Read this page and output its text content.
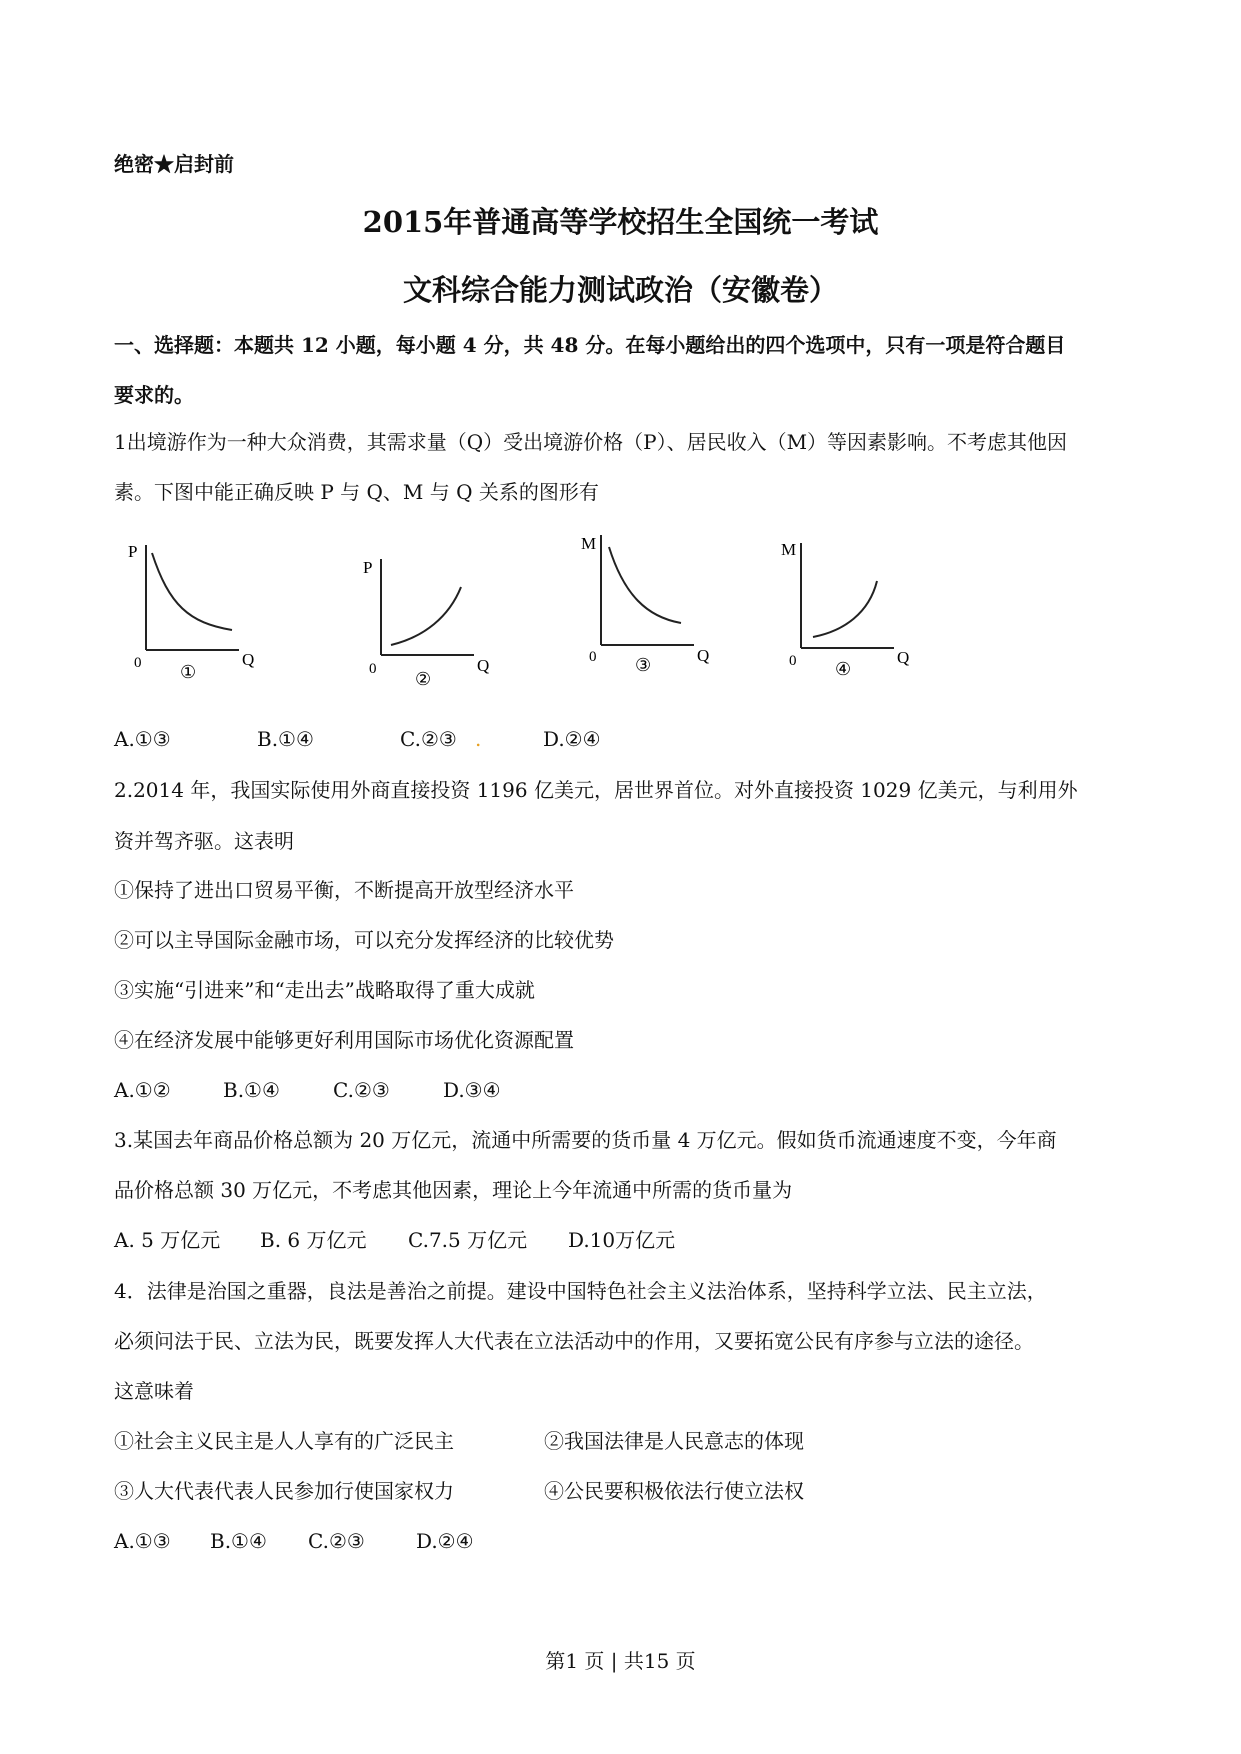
绝密★启封前
2015年普通高等学校招生全国统一考试
文科综合能力测试政治（安徽卷）
一、选择题：本题共 12 小题，每小题 4 分，共 48 分。在每小题给出的四个选项中，只有一项是符合题目
要求的。
1出境游作为一种大众消费，其需求量（Q）受出境游价格（P）、居民收入（M）等因素影响。不考虑其他因
素。下图中能正确反映 P 与 Q、M 与 Q 关系的图形有
P
Q
0 ①
P
Q
0 ②
M
Q
0 ③
M
Q
0 ④
A.①③	B.①④	C.②③ .	D.②④
2.2014 年，我国实际使用外商直接投资 1196 亿美元，居世界首位。对外直接投资 1029 亿美元，与利用外
资并驾齐驱。这表明
①保持了进出口贸易平衡，不断提高开放型经济水平
②可以主导国际金融市场，可以充分发挥经济的比较优势
③实施“引进来”和“走出去”战略取得了重大成就
④在经济发展中能够更好利用国际市场优化资源配置
A.①②	B.①④	C.②③	D.③④
3.某国去年商品价格总额为 20 万亿元，流通中所需要的货币量 4 万亿元。假如货币流通速度不变，今年商
品价格总额 30 万亿元，不考虑其他因素，理论上今年流通中所需的货币量为
A. 5 万亿元 B. 6 万亿元 C.7.5 万亿元 D.10万亿元
4．法律是治国之重器，良法是善治之前提。建设中国特色社会主义法治体系，坚持科学立法、民主立法，
必须问法于民、立法为民，既要发挥人大代表在立法活动中的作用，又要拓宽公民有序参与立法的途径。
这意味着
①社会主义民主是人人享有的广泛民主	②我国法律是人民意志的体现
③人大代表代表人民参加行使国家权力	④公民要积极依法行使立法权
A.①③ B.①④ C.②③	D.②④
第1 页 | 共15 页
